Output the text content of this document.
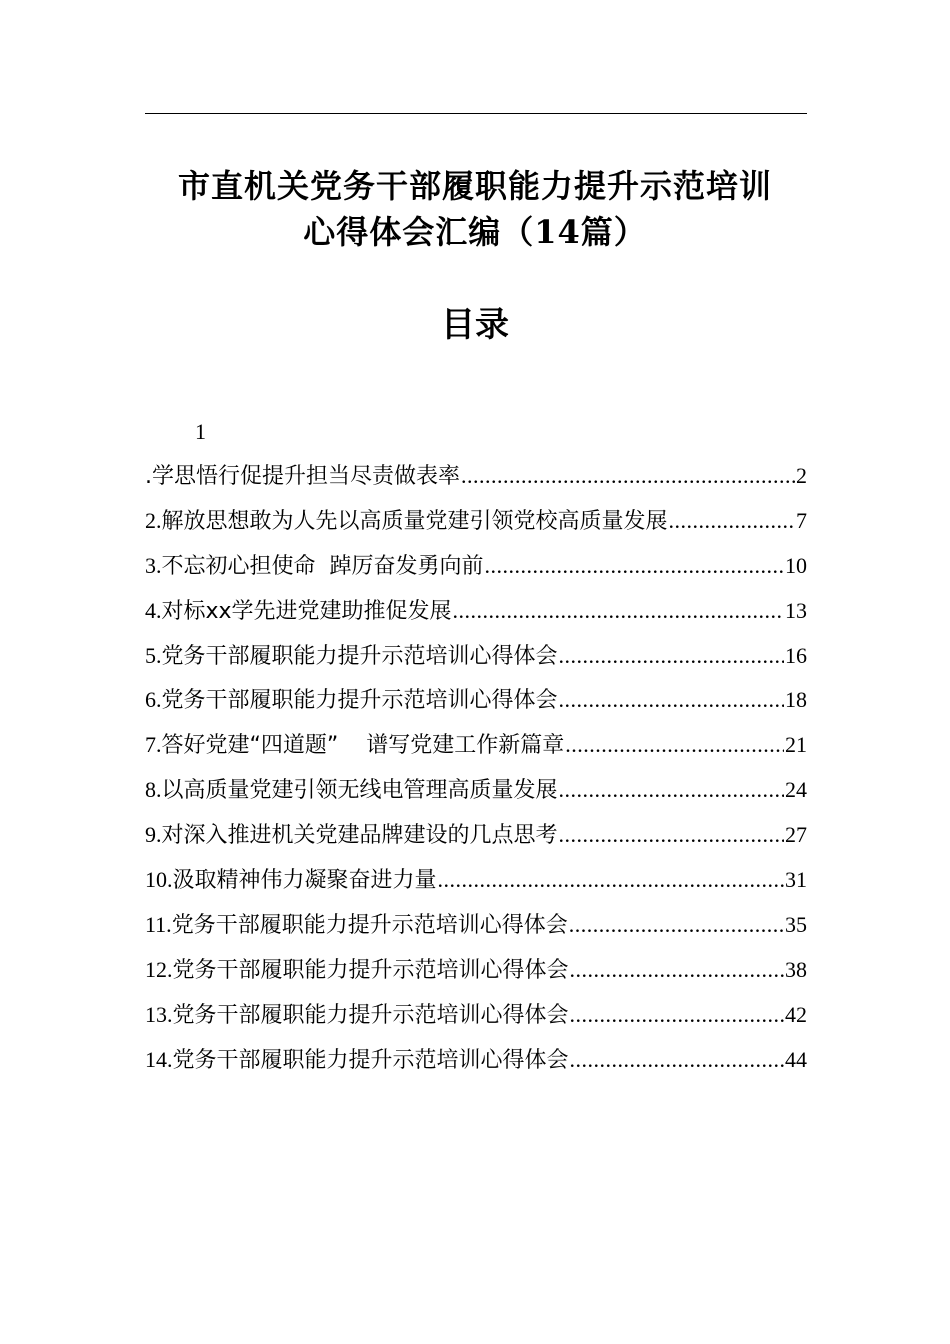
市直机关党务干部履职能力提升示范培训
心得体会汇编（14篇）
目录
1
.学思悟行促提升担当尽责做表率 .....	2
2. 解放思想敢为人先以高质量党建引领党校高质量发展 .....	7
3. 不忘初心担使命  踔厉奋发勇向前 .....	10
4. 对标xx学先进党建助推促发展 .....	13
5. 党务干部履职能力提升示范培训心得体会 .....	16
6. 党务干部履职能力提升示范培训心得体会 .....	18
7. 答好党建“四道题”    谱写党建工作新篇章 .....	21
8. 以高质量党建引领无线电管理高质量发展 .....	24
9. 对深入推进机关党建品牌建设的几点思考 .....	27
10. 汲取精神伟力凝聚奋进力量 .....	31
11. 党务干部履职能力提升示范培训心得体会 .....	35
12. 党务干部履职能力提升示范培训心得体会 .....	38
13. 党务干部履职能力提升示范培训心得体会 .....	42
14. 党务干部履职能力提升示范培训心得体会 .....	44
